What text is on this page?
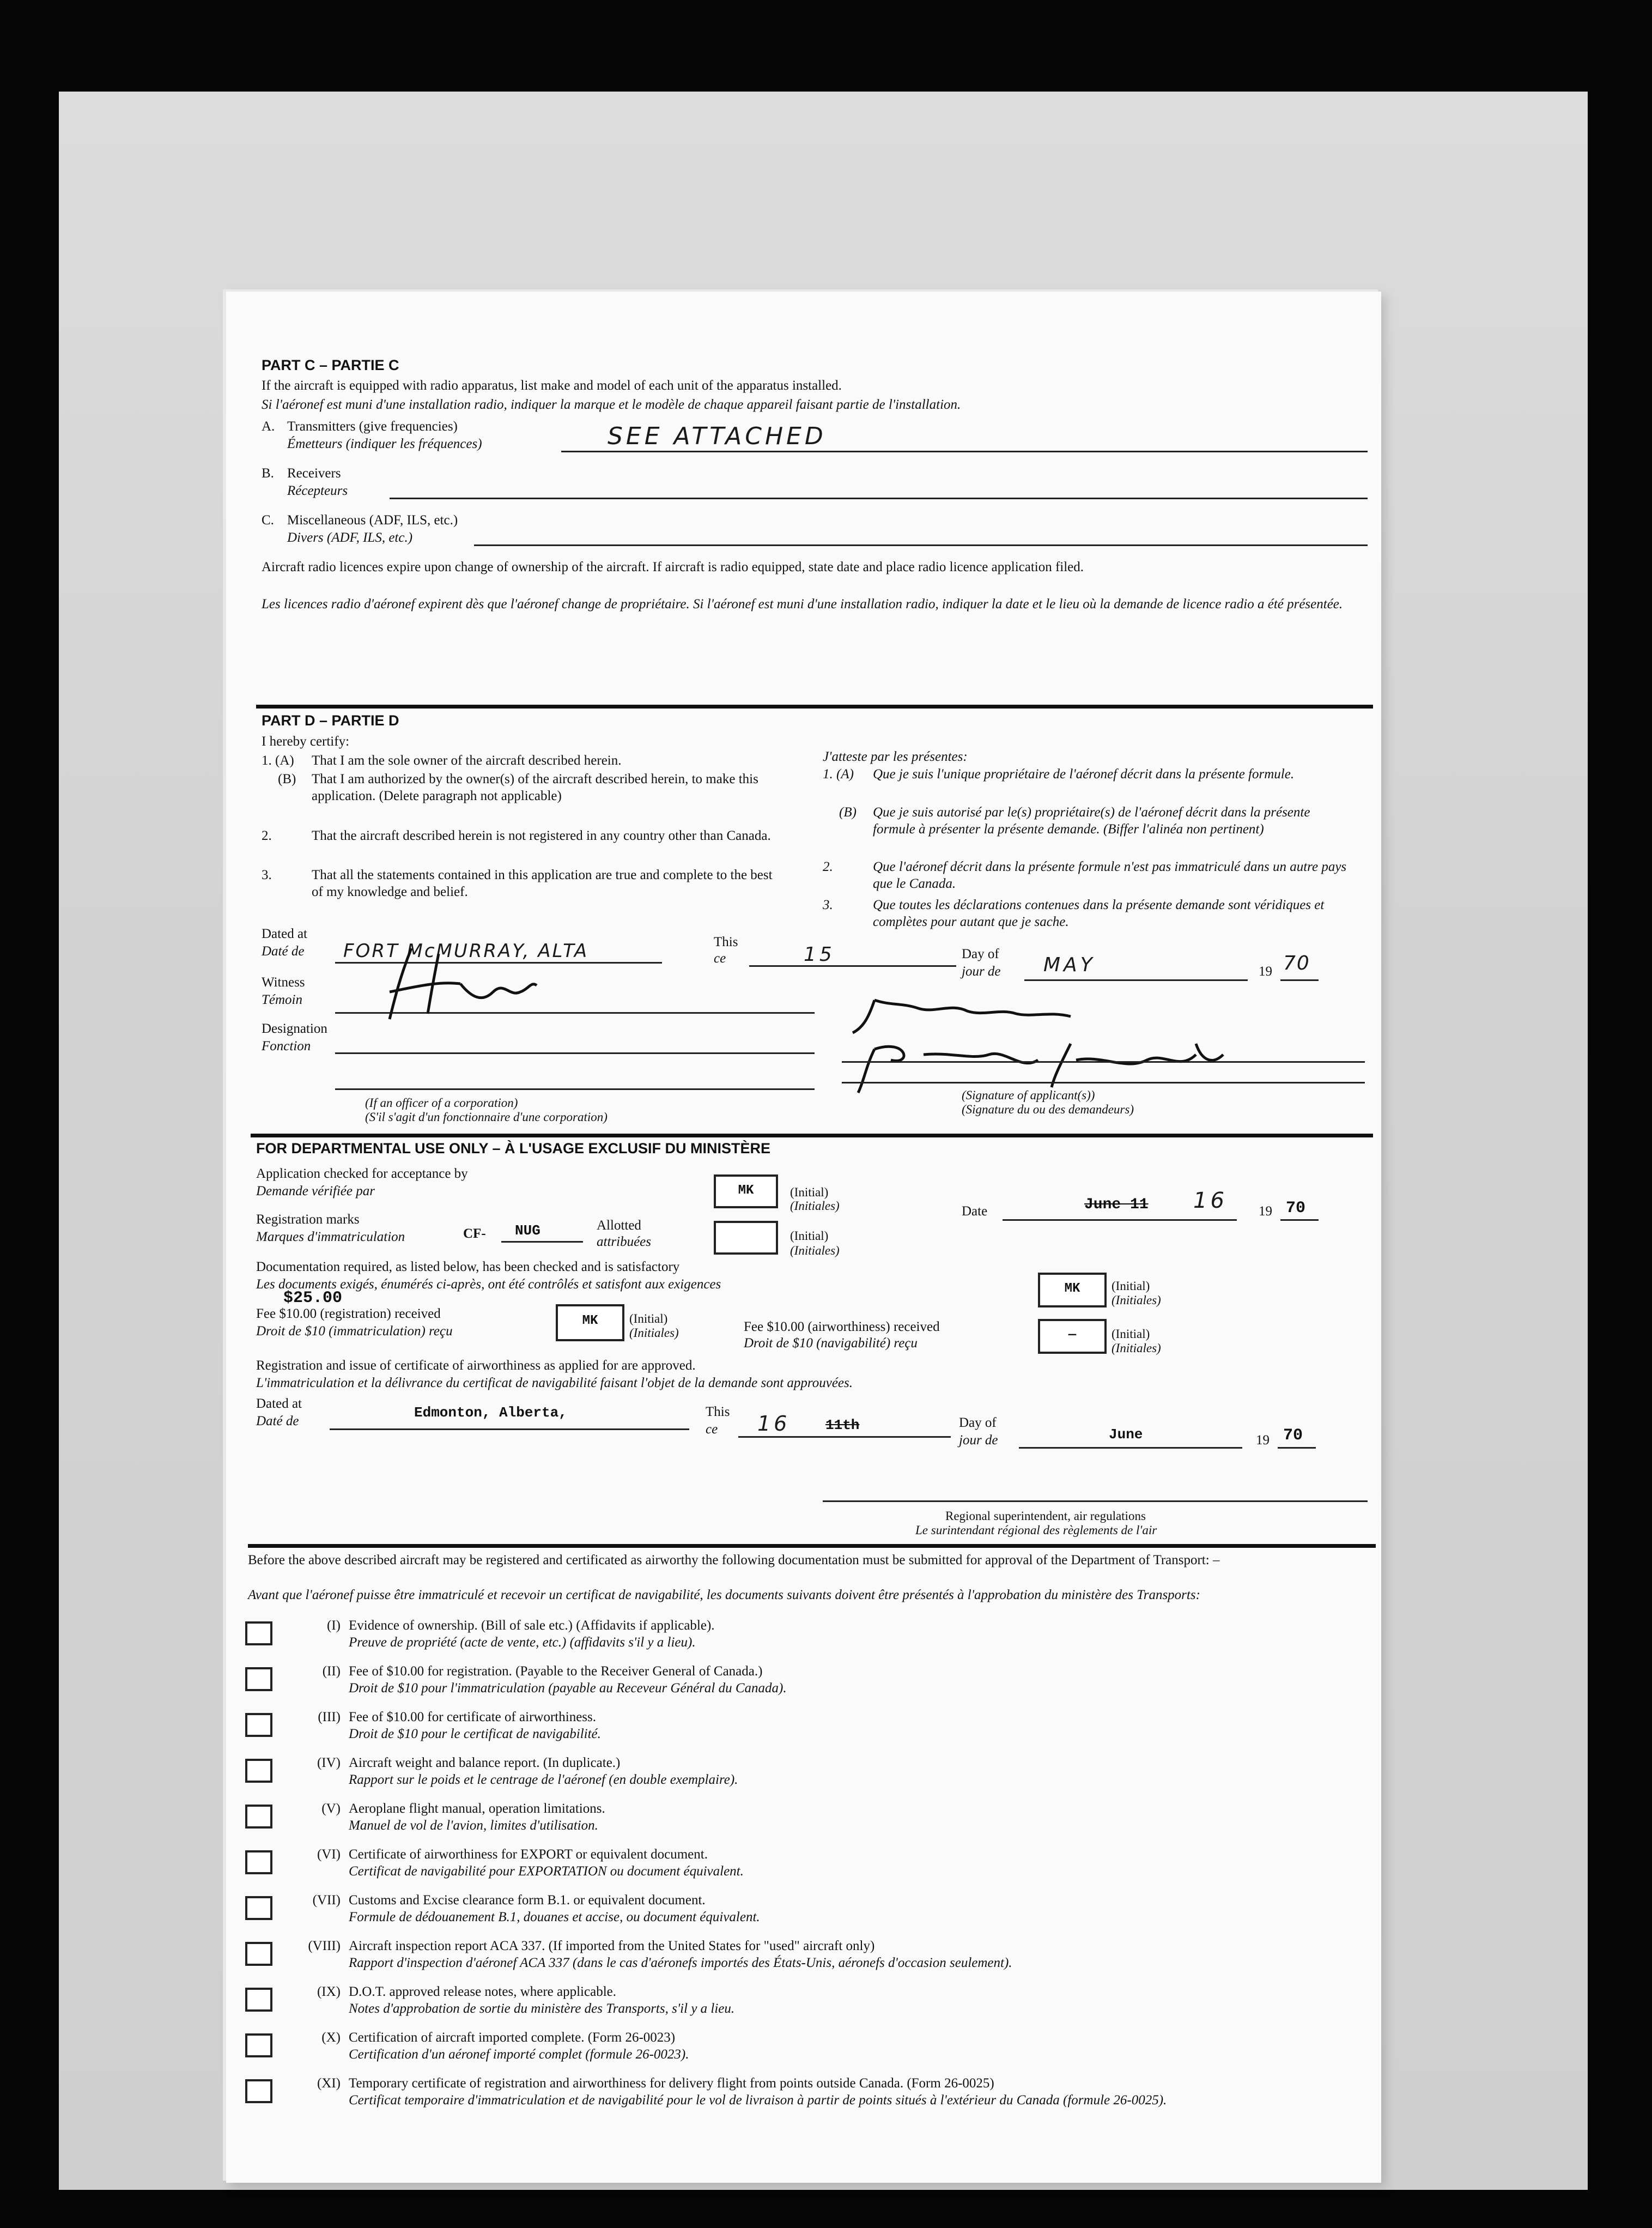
PART C – PARTIE C
If the aircraft is equipped with radio apparatus, list make and model of each unit of the apparatus installed.
Si l'aéronef est muni d'une installation radio, indiquer la marque et le modèle de chaque appareil faisant partie de l'installation.
A. Transmitters (give frequencies)
Émetteurs (indiquer les fréquences)	SEE ATTACHED
B. Receivers
Récepteurs
C. Miscellaneous (ADF, ILS, etc.)
Divers (ADF, ILS, etc.)
Aircraft radio licences expire upon change of ownership of the aircraft. If aircraft is radio equipped, state date and place radio licence application filed.
Les licences radio d'aéronef expirent dès que l'aéronef change de propriétaire. Si l'aéronef est muni d'une installation radio, indiquer la date et le lieu où la demande de licence radio a été présentée.
PART D – PARTIE D
I hereby certify:
J'atteste par les présentes:
1. (A) That I am the sole owner of the aircraft described herein.
(B) That I am authorized by the owner(s) of the aircraft described herein, to make this application. (Delete paragraph not applicable)
2.	That the aircraft described herein is not registered in any country other than Canada.
3.	That all the statements contained in this application are true and complete to the best of my knowledge and belief.
1. (A) Que je suis l'unique propriétaire de l'aéronef décrit dans la présente formule.
(B) Que je suis autorisé par le(s) propriétaire(s) de l'aéronef décrit dans la présente formule à présenter la présente demande. (Biffer l'alinéa non pertinent)
2.	Que l'aéronef décrit dans la présente formule n'est pas immatriculé dans un autre pays que le Canada.
3.	Que toutes les déclarations contenues dans la présente demande sont véridiques et complètes pour autant que je sache.
Dated at
Daté de FORT McMURRAY, ALTA	This
ce	15	Day of
jour de MAY	19 70
Witness
Témoin
Designation
Fonction
(If an officer of a corporation)
(S'il s'agit d'un fonctionnaire d'une corporation)
(Signature of applicant(s))
(Signature du ou des demandeurs)
FOR DEPARTMENTAL USE ONLY – À L'USAGE EXCLUSIF DU MINISTÈRE
Application checked for acceptance by
Demande vérifiée par	MK	(Initial)
(Initiales)	Date	June 11 16 19 70
Registration marks
Marques d'immatriculation	CF- NUG	Allotted
attribuées	(Initial)
(Initiales)
Documentation required, as listed below, has been checked and is satisfactory
Les documents exigés, énumérés ci-après, ont été contrôlés et satisfont aux exigences	MK	(Initial)
(Initiales)
$25.00
Fee $10.00 (registration) received
Droit de $10 (immatriculation) reçu
MK	(Initial)
(Initiales)	Fee $10.00 (airworthiness) received
Droit de $10 (navigabilité) reçu
—	(Initial)
(Initiales)
Registration and issue of certificate of airworthiness as applied for are approved.
L'immatriculation et la délivrance du certificat de navigabilité faisant l'objet de la demande sont approuvées.
Dated at
Daté de
Edmonton, Alberta,	This
ce 16 11th	Day of
jour de	June	19 70
Regional superintendent, air regulations
Le surintendant régional des règlements de l'air
Before the above described aircraft may be registered and certificated as airworthy the following documentation must be submitted for approval of the Department of Transport: –
Avant que l'aéronef puisse être immatriculé et recevoir un certificat de navigabilité, les documents suivants doivent être présentés à l'approbation du ministère des Transports:
(I) Evidence of ownership. (Bill of sale etc.) (Affidavits if applicable).
Preuve de propriété (acte de vente, etc.) (affidavits s'il y a lieu).
(II) Fee of $10.00 for registration. (Payable to the Receiver General of Canada.)
Droit de $10 pour l'immatriculation (payable au Receveur Général du Canada).
(III) Fee of $10.00 for certificate of airworthiness.
Droit de $10 pour le certificat de navigabilité.
(IV) Aircraft weight and balance report. (In duplicate.)
Rapport sur le poids et le centrage de l'aéronef (en double exemplaire).
(V) Aeroplane flight manual, operation limitations.
Manuel de vol de l'avion, limites d'utilisation.
(VI) Certificate of airworthiness for EXPORT or equivalent document.
Certificat de navigabilité pour EXPORTATION ou document équivalent.
(VII) Customs and Excise clearance form B.1. or equivalent document.
Formule de dédouanement B.1, douanes et accise, ou document équivalent.
(VIII) Aircraft inspection report ACA 337. (If imported from the United States for "used" aircraft only)
Rapport d'inspection d'aéronef ACA 337 (dans le cas d'aéronefs importés des États-Unis, aéronefs d'occasion seulement).
(IX) D.O.T. approved release notes, where applicable.
Notes d'approbation de sortie du ministère des Transports, s'il y a lieu.
(X) Certification of aircraft imported complete. (Form 26-0023)
Certification d'un aéronef importé complet (formule 26-0023).
(XI) Temporary certificate of registration and airworthiness for delivery flight from points outside Canada. (Form 26-0025)
Certificat temporaire d'immatriculation et de navigabilité pour le vol de livraison à partir de points situés à l'extérieur du Canada (formule 26-0025).
